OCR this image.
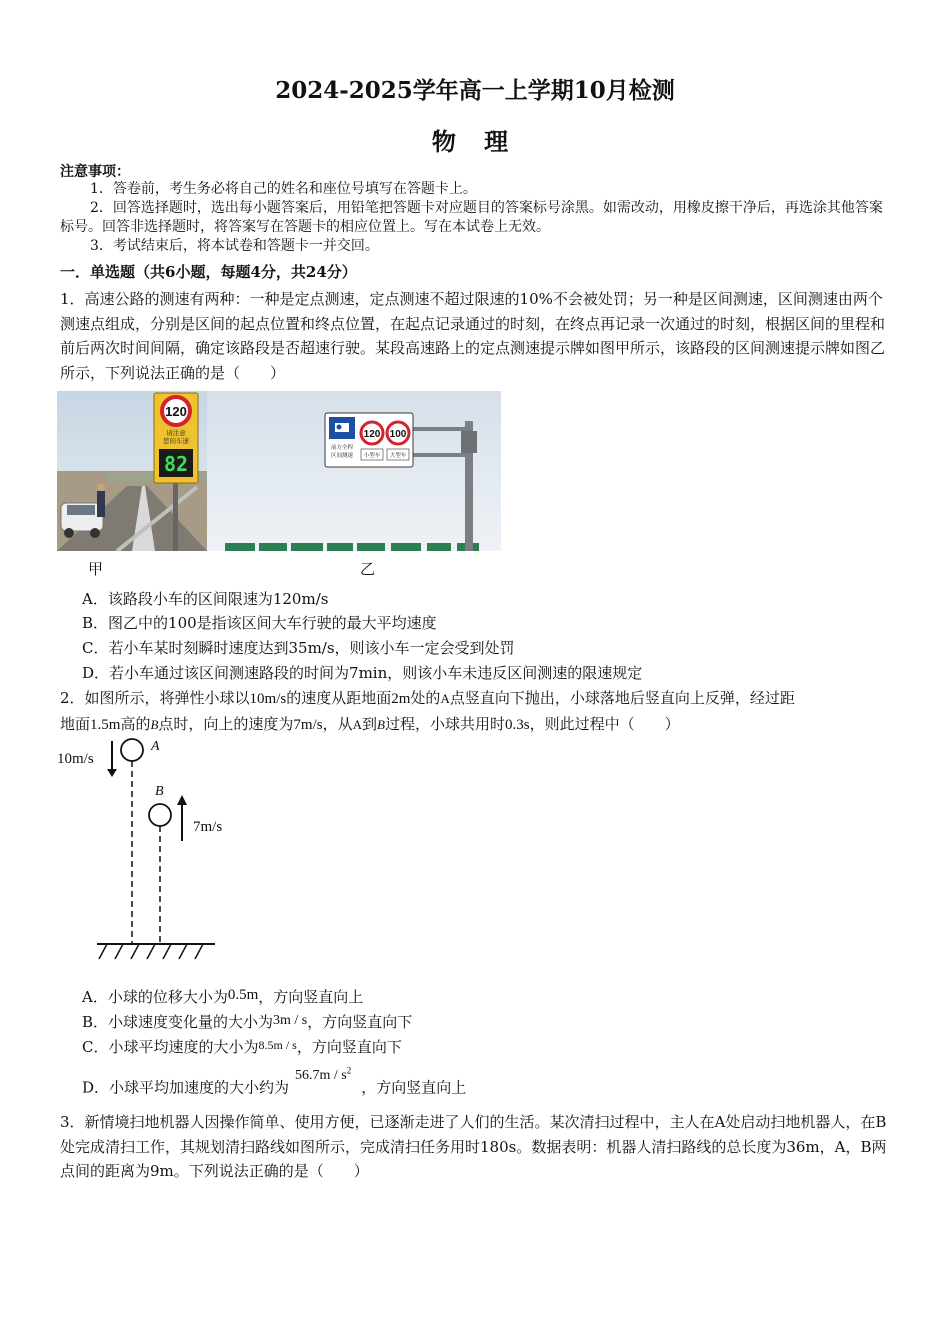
2024-2025学年高一上学期10月检测
物 理
注意事项：
1．答卷前，考生务必将自己的姓名和座位号填写在答题卡上。
2．回答选择题时，选出每小题答案后，用铅笔把答题卡对应题目的答案标号涂黑。如需改动，用橡皮擦干净后，再选涂其他答案标号。回答非选择题时，将答案写在答题卡的相应位置上。写在本试卷上无效。
3．考试结束后，将本试卷和答题卡一并交回。
一．单选题（共6小题，每题4分，共24分）
1．高速公路的测速有两种：一种是定点测速，定点测速不超过限速的10%不会被处罚；另一种是区间测速，区间测速由两个测速点组成，分别是区间的起点位置和终点位置，在起点记录通过的时刻，在终点再记录一次通过的时刻，根据区间的里程和前后两次时间间隔，确定该路段是否超速行驶。某段高速路上的定点测速提示牌如图甲所示，该路段的区间测速提示牌如图乙所示，下列说法正确的是（　　）
120
请注意
您的车速
82
120 100
前方全程
区间测速 小型车 大型车
甲	乙
A．该路段小车的区间限速为120m/s
B．图乙中的100是指该区间大车行驶的最大平均速度
C．若小车某时刻瞬时速度达到35m/s，则该小车一定会受到处罚
D．若小车通过该区间测速路段的时间为7min，则该小车未违反区间测速的限速规定
2．如图所示，将弹性小球以10m/s的速度从距地面2m处的A点竖直向下抛出，小球落地后竖直向上反弹，经过距
地面1.5m高的B点时，向上的速度为7m/s，从A到B过程，小球共用时0.3s，则此过程中（　　）
10m/s
A
B
7m/s
A．小球的位移大小为0.5m，方向竖直向上
B．小球速度变化量的大小为3m / s，方向竖直向下
C．小球平均速度的大小为$^{8.5m / s}$，方向竖直向下
D．小球平均加速度的大小约为$56.7m / s^2$，方向竖直向上
3．新情境扫地机器人因操作简单、使用方便，已逐渐走进了人们的生活。某次清扫过程中，主人在A处启动扫地机器人，在B处完成清扫工作，其规划清扫路线如图所示，完成清扫任务用时180s。数据表明：机器人清扫路线的总长度为36m，A，B两点间的距离为9m。下列说法正确的是（　　）
